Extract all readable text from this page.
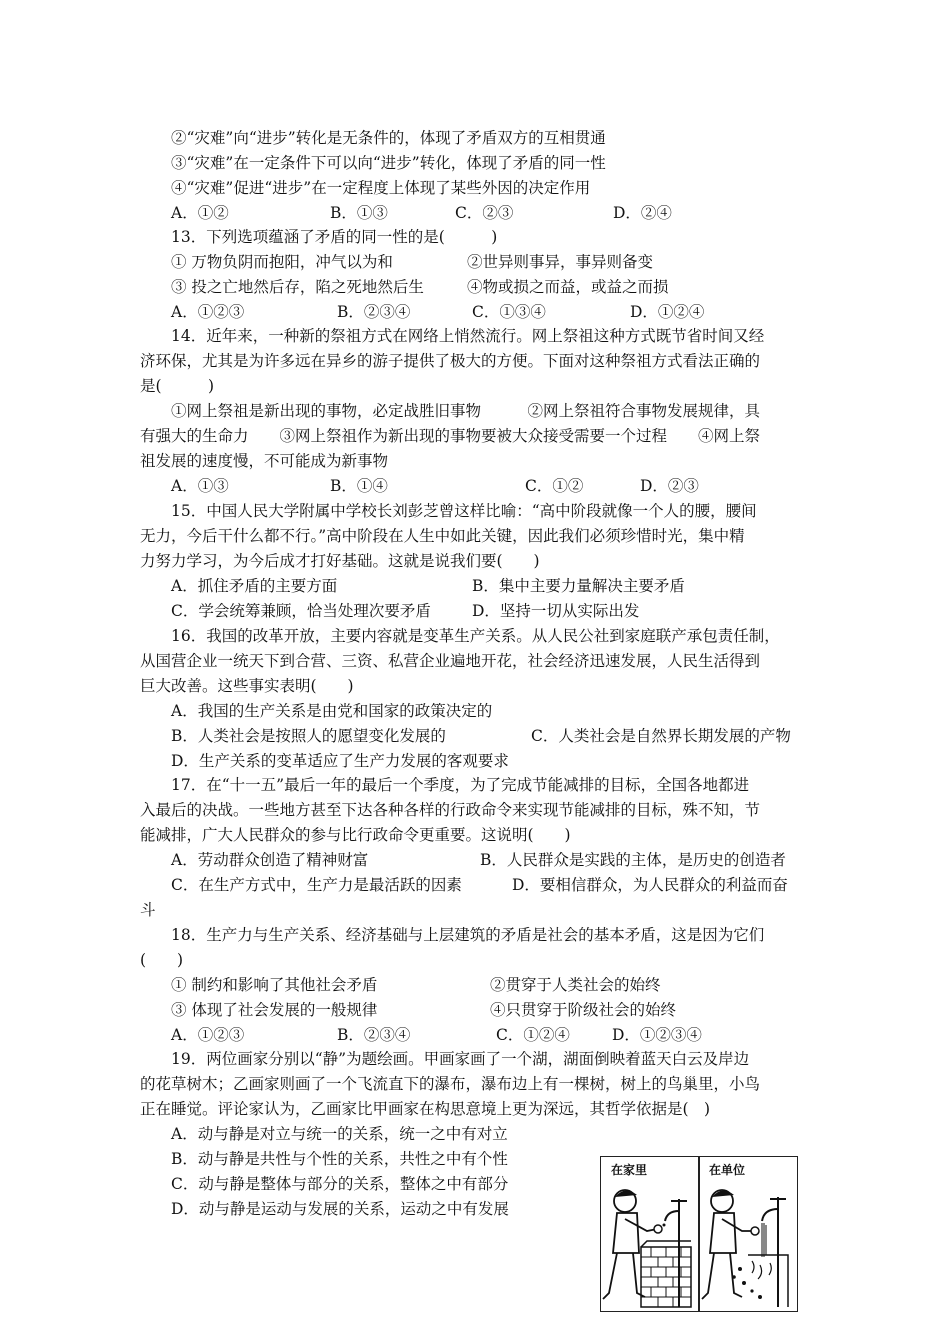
②“灾难”向“进步”转化是无条件的，体现了矛盾双方的互相贯通
③“灾难”在一定条件下可以向“进步”转化，体现了矛盾的同一性
④“灾难”促进“进步”在一定程度上体现了某些外因的决定作用
A．①②	B．①③	C．②③	D．②④
13．下列选项蕴涵了矛盾的同一性的是(　　　)
① 万物负阴而抱阳，冲气以为和	②世异则事异，事异则备变
③ 投之亡地然后存，陷之死地然后生	④物或损之而益，或益之而损
A．①②③	B．②③④	C．①③④	D．①②④
14．近年来，一种新的祭祖方式在网络上悄然流行。网上祭祖这种方式既节省时间又经
济环保，尤其是为许多远在异乡的游子提供了极大的方便。下面对这种祭祖方式看法正确的
是(　　　)
①网上祭祖是新出现的事物，必定战胜旧事物　　　②网上祭祖符合事物发展规律，具
有强大的生命力　　③网上祭祖作为新出现的事物要被大众接受需要一个过程　　④网上祭
祖发展的速度慢，不可能成为新事物
A．①③	B．①④	C．①②	D．②③
15．中国人民大学附属中学校长刘彭芝曾这样比喻：“高中阶段就像一个人的腰，腰间
无力，今后干什么都不行。”高中阶段在人生中如此关键，因此我们必须珍惜时光，集中精
力努力学习，为今后成才打好基础。这就是说我们要(　　)
A．抓住矛盾的主要方面	B．集中主要力量解决主要矛盾
C．学会统筹兼顾，恰当处理次要矛盾	D．坚持一切从实际出发
16．我国的改革开放，主要内容就是变革生产关系。从人民公社到家庭联产承包责任制，
从国营企业一统天下到合营、三资、私营企业遍地开花，社会经济迅速发展，人民生活得到
巨大改善。这些事实表明(　　)
A．我国的生产关系是由党和国家的政策决定的
B．人类社会是按照人的愿望变化发展的	C．人类社会是自然界长期发展的产物
D．生产关系的变革适应了生产力发展的客观要求
17．在“十一五”最后一年的最后一个季度，为了完成节能减排的目标，全国各地都进
入最后的决战。一些地方甚至下达各种各样的行政命令来实现节能减排的目标，殊不知，节
能减排，广大人民群众的参与比行政命令更重要。这说明(　　)
A．劳动群众创造了精神财富	B．人民群众是实践的主体，是历史的创造者
C．在生产方式中，生产力是最活跃的因素	D．要相信群众，为人民群众的利益而奋
斗
18．生产力与生产关系、经济基础与上层建筑的矛盾是社会的基本矛盾，这是因为它们
(　　)
① 制约和影响了其他社会矛盾	②贯穿于人类社会的始终
③ 体现了社会发展的一般规律	④只贯穿于阶级社会的始终
A．①②③	B．②③④	C．①②④	D．①②③④
19．两位画家分别以“静”为题绘画。甲画家画了一个湖，湖面倒映着蓝天白云及岸边
的花草树木；乙画家则画了一个飞流直下的瀑布，瀑布边上有一棵树，树上的鸟巢里，小鸟
正在睡觉。评论家认为，乙画家比甲画家在构思意境上更为深远，其哲学依据是(　)
A．动与静是对立与统一的关系，统一之中有对立
B．动与静是共性与个性的关系，共性之中有个性
C．动与静是整体与部分的关系，整体之中有部分
D．动与静是运动与发展的关系，运动之中有发展
在家里	在单位
